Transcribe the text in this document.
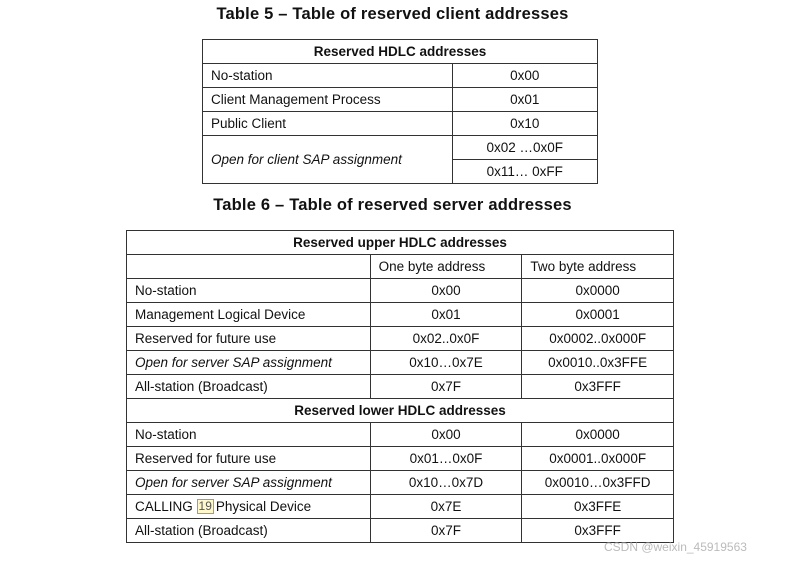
Table 5 – Table of reserved client addresses
Reserved HDLC addresses	
No-station	0x00
Client Management Process	0x01
Public Client	0x10
Open for client SAP assignment	0x02 …0x0F
	0x11… 0xFF
Table 6 – Table of reserved server addresses
Reserved upper HDLC addresses		
	One byte address	Two byte address
No-station	0x00	0x0000
Management Logical Device	0x01	0x0001
Reserved for future use	0x02..0x0F	0x0002..0x000F
Open for server SAP assignment	0x10…0x7E	0x0010..0x3FFE
All-station (Broadcast)	0x7F	0x3FFF
Reserved lower HDLC addresses		
No-station	0x00	0x0000
Reserved for future use	0x01…0x0F	0x0001..0x000F
Open for server SAP assignment	0x10…0x7D	0x0010…0x3FFD
CALLING 19 Physical Device	0x7E	0x3FFE
All-station (Broadcast)	0x7F	0x3FFF
CSDN @weixin_45919563
